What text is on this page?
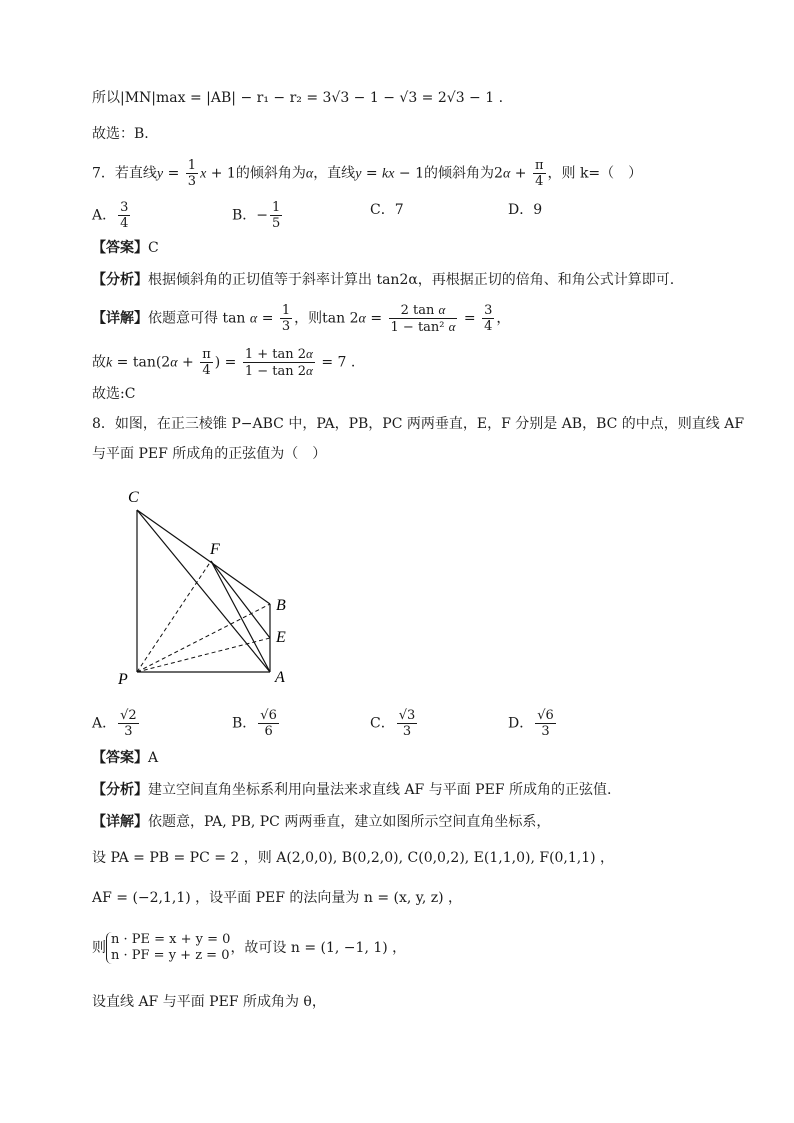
所以|MN|max = |AB| − r₁ − r₂ = 3√3 − 1 − √3 = 2√3 − 1 .
故选：B.
7．若直线$y = \frac{1}{3}$ x + 1的倾斜角为α，直线y = kx − 1的倾斜角为$2\alpha + \frac{\pi}{4}$ ，则 k=（　）
A． $\frac{3}{4}$	B．− $\frac{1}{5}$	C．7	D．9
【答案】C
【分析】根据倾斜角的正切值等于斜率计算出 tan2α，再根据正切的倍角、和角公式计算即可.
【详解】依题意可得 $\tan \alpha = \frac{1}{3}$ ，则$\tan 2\alpha = \frac{\text{2 tan α}}{\text{1 − tan² α}} = \frac{3}{4}$ ，
故$k = \tan(2\alpha + \frac{\pi}{4}$ ) = $\frac{1 + \tan 2\alpha}{1 - \tan 2\alpha} = 7$ .
故选:C
8．如图，在正三棱锥 P−ABC 中，PA，PB，PC 两两垂直，E，F 分别是 AB，BC 的中点，则直线 AF
与平面 PEF 所成角的正弦值为（　）
C
F
B
E
P	A
A． $\frac{√2}{3}$	B． $\frac{√6}{6}$	C． $\frac{√3}{3}$	D． $\frac{√6}{3}$
【答案】A
【分析】建立空间直角坐标系利用向量法来求直线 AF 与平面 PEF 所成角的正弦值.
【详解】依题意，PA, PB, PC 两两垂直，建立如图所示空间直角坐标系，
设 PA = PB = PC = 2 ，则 A(2,0,0), B(0,2,0), C(0,0,2), E(1,1,0), F(0,1,1) ，
AF = (−2,1,1) ，设平面 PEF 的法向量为 n = (x, y, z) ，
则
n · PE = x + y = 0
n · PF = y + z = 0 ，故可设 n = (1, −1, 1) ，
设直线 AF 与平面 PEF 所成角为 θ，
